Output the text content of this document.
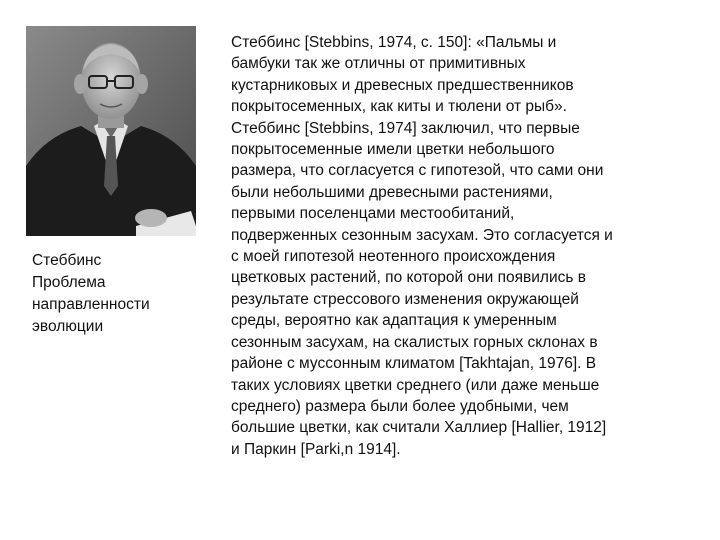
Стеббинс
Проблема
направленности
эволюции
Стеббинс [Stebbins, 1974, с. 150]: «Пальмы и
бамбуки так же отличны от примитивных
кустарниковых и древесных предшественников
покрытосеменных, как киты и тюлени от рыб».
Стеббинс [Stebbins, 1974] заключил, что первые
покрытосеменные имели цветки небольшого
размера, что согласуется с гипотезой, что сами они
были небольшими древесными растениями,
первыми поселенцами местообитаний,
подверженных сезонным засухам. Это согласуется и
с моей гипотезой неотенного происхождения
цветковых растений, по которой они появились в
результате стрессового изменения окружающей
среды, вероятно как адаптация к умеренным
сезонным засухам, на скалистых горных склонах в
районе с муссонным климатом [Takhtajan, 1976]. В
таких условиях цветки среднего (или даже меньше
среднего) размера были более удобными, чем
большие цветки, как считали Халлиер [Hallier, 1912]
и Паркин [Parki,n 1914].
